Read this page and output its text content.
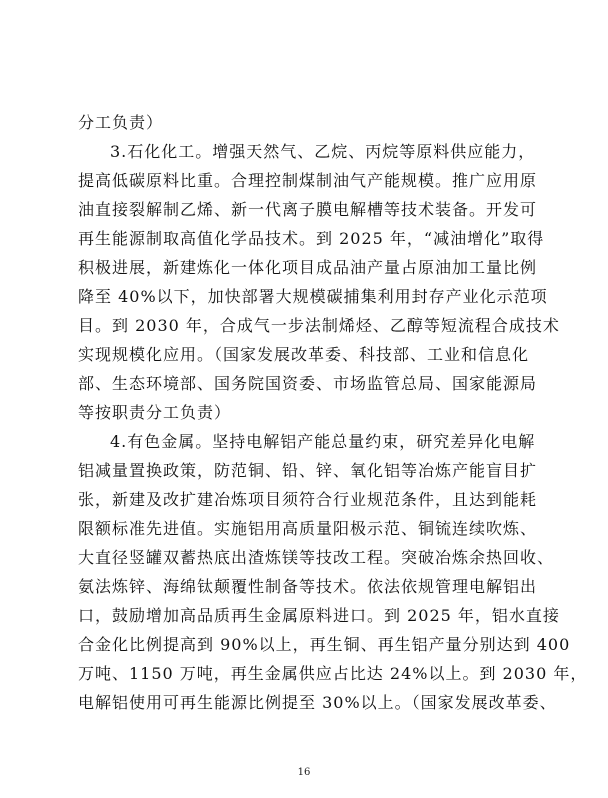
分工负责）
3.石化化工。增强天然气、乙烷、丙烷等原料供应能力，
提高低碳原料比重。合理控制煤制油气产能规模。推广应用原
油直接裂解制乙烯、新一代离子膜电解槽等技术装备。开发可
再生能源制取高值化学品技术。到 2025 年，“减油增化”取得
积极进展，新建炼化一体化项目成品油产量占原油加工量比例
降至 40%以下，加快部署大规模碳捕集利用封存产业化示范项
目。到 2030 年，合成气一步法制烯烃、乙醇等短流程合成技术
实现规模化应用。（国家发展改革委、科技部、工业和信息化
部、生态环境部、国务院国资委、市场监管总局、国家能源局
等按职责分工负责）
4.有色金属。坚持电解铝产能总量约束，研究差异化电解
铝减量置换政策，防范铜、铅、锌、氧化铝等冶炼产能盲目扩
张，新建及改扩建冶炼项目须符合行业规范条件，且达到能耗
限额标准先进值。实施铝用高质量阳极示范、铜锍连续吹炼、
大直径竖罐双蓄热底出渣炼镁等技改工程。突破冶炼余热回收、
氨法炼锌、海绵钛颠覆性制备等技术。依法依规管理电解铝出
口，鼓励增加高品质再生金属原料进口。到 2025 年，铝水直接
合金化比例提高到 90%以上，再生铜、再生铝产量分别达到 400
万吨、1150 万吨，再生金属供应占比达 24%以上。到 2030 年，
电解铝使用可再生能源比例提至 30%以上。（国家发展改革委、
16
